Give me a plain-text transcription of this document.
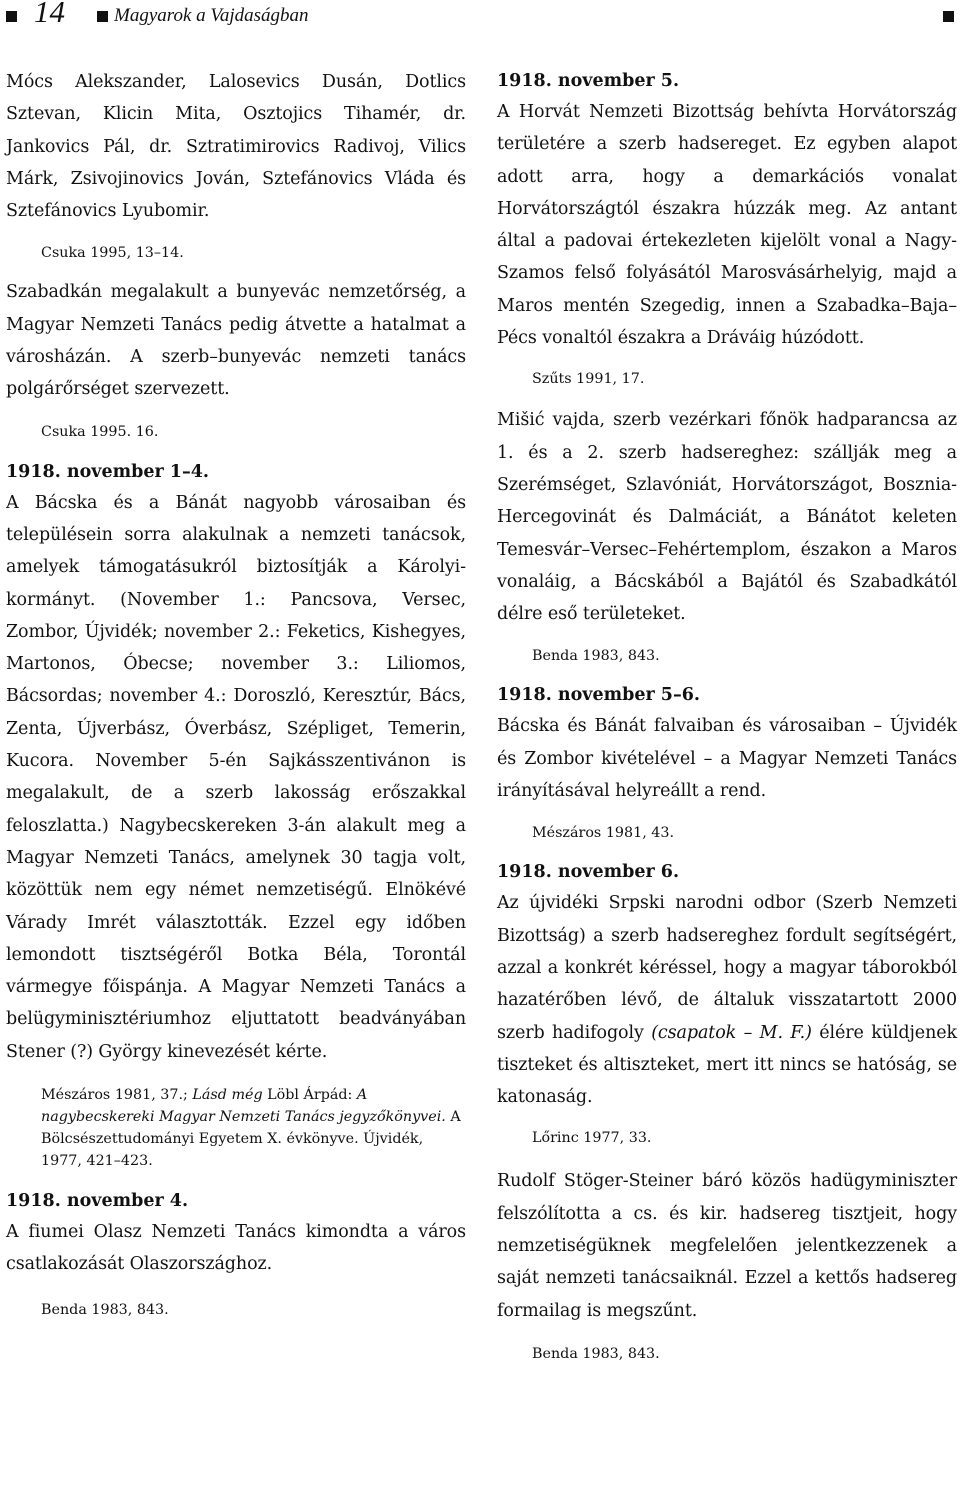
14	Magyarok a Vajdaságban

Mócs Alekszander, Lalosevics Dusán, Dotlics Sztevan, Klicin Mita, Osztojics Tihamér, dr. Jankovics Pál, dr. Sztratimirovics Radivoj, Vilics Márk, Zsivojinovics Jován, Sztefánovics Vláda és Sztefánovics Lyubomir.

Csuka 1995, 13–14.

Szabadkán megalakult a bunyevác nemzetőrség, a Magyar Nemzeti Tanács pedig átvette a hatalmat a városházán. A szerb–bunyevác nemzeti tanács polgárőrséget szervezett.

Csuka 1995. 16.

1918. november 1–4.

A Bácska és a Bánát nagyobb városaiban és településein sorra alakulnak a nemzeti tanácsok, amelyek támogatásukról biztosítják a Károlyi-kormányt. (November 1.: Pancsova, Versec, Zombor, Újvidék; november 2.: Feketics, Kishegyes, Martonos, Óbecse; november 3.: Liliomos, Bácsordas; november 4.: Doroszló, Keresztúr, Bács, Zenta, Újverbász, Óverbász, Szépliget, Temerin, Kucora. November 5-én Sajkásszentivánon is megalakult, de a szerb lakosság erőszakkal feloszlatta.) Nagybecskereken 3-án alakult meg a Magyar Nemzeti Tanács, amelynek 30 tagja volt, közöttük nem egy német nemzetiségű. Elnökévé Várady Imrét választották. Ezzel egy időben lemondott tisztségéről Botka Béla, Torontál vármegye főispánja. A Magyar Nemzeti Tanács a belügyminisztériumhoz eljuttatott beadványában Stener (?) György kinevezését kérte.

Mészáros 1981, 37.; Lásd még Löbl Árpád: A nagybecskereki Magyar Nemzeti Tanács jegyzőkönyvei. A Bölcsészettudományi Egyetem X. évkönyve. Újvidék, 1977, 421–423.

1918. november 4.

A fiumei Olasz Nemzeti Tanács kimondta a város csatlakozását Olaszországhoz.

Benda 1983, 843.

1918. november 5.

A Horvát Nemzeti Bizottság behívta Horvátország területére a szerb hadsereget. Ez egyben alapot adott arra, hogy a demarkációs vonalat Horvátországtól északra húzzák meg. Az antant által a padovai értekezleten kijelölt vonal a Nagy-Szamos felső folyásától Marosvásárhelyig, majd a Maros mentén Szegedig, innen a Szabadka–Baja–Pécs vonaltól északra a Dráváig húzódott.

Szűts 1991, 17.

Mišić vajda, szerb vezérkari főnök hadparancsa az 1. és a 2. szerb hadsereghez: szállják meg a Szerémséget, Szlavóniát, Horvátországot, Bosznia-Hercegovinát és Dalmáciát, a Bánátot keleten Temesvár–Versec–Fehértemplom, északon a Maros vonaláig, a Bácskából a Bajától és Szabadkától délre eső területeket.

Benda 1983, 843.

1918. november 5–6.

Bácska és Bánát falvaiban és városaiban – Újvidék és Zombor kivételével – a Magyar Nemzeti Tanács irányításával helyreállt a rend.

Mészáros 1981, 43.

1918. november 6.

Az újvidéki Srpski narodni odbor (Szerb Nemzeti Bizottság) a szerb hadsereghez fordult segítségért, azzal a konkrét kéréssel, hogy a magyar táborokból hazatérőben lévő, de általuk visszatartott 2000 szerb hadifogoly (csapatok – M. F.) élére küldjenek tiszteket és altiszteket, mert itt nincs se hatóság, se katonaság.

Lőrinc 1977, 33.

Rudolf Stöger-Steiner báró közös hadügyminiszter felszólította a cs. és kir. hadsereg tisztjeit, hogy nemzetiségüknek megfelelően jelentkezzenek a saját nemzeti tanácsaiknál. Ezzel a kettős hadsereg formailag is megszűnt.

Benda 1983, 843.
